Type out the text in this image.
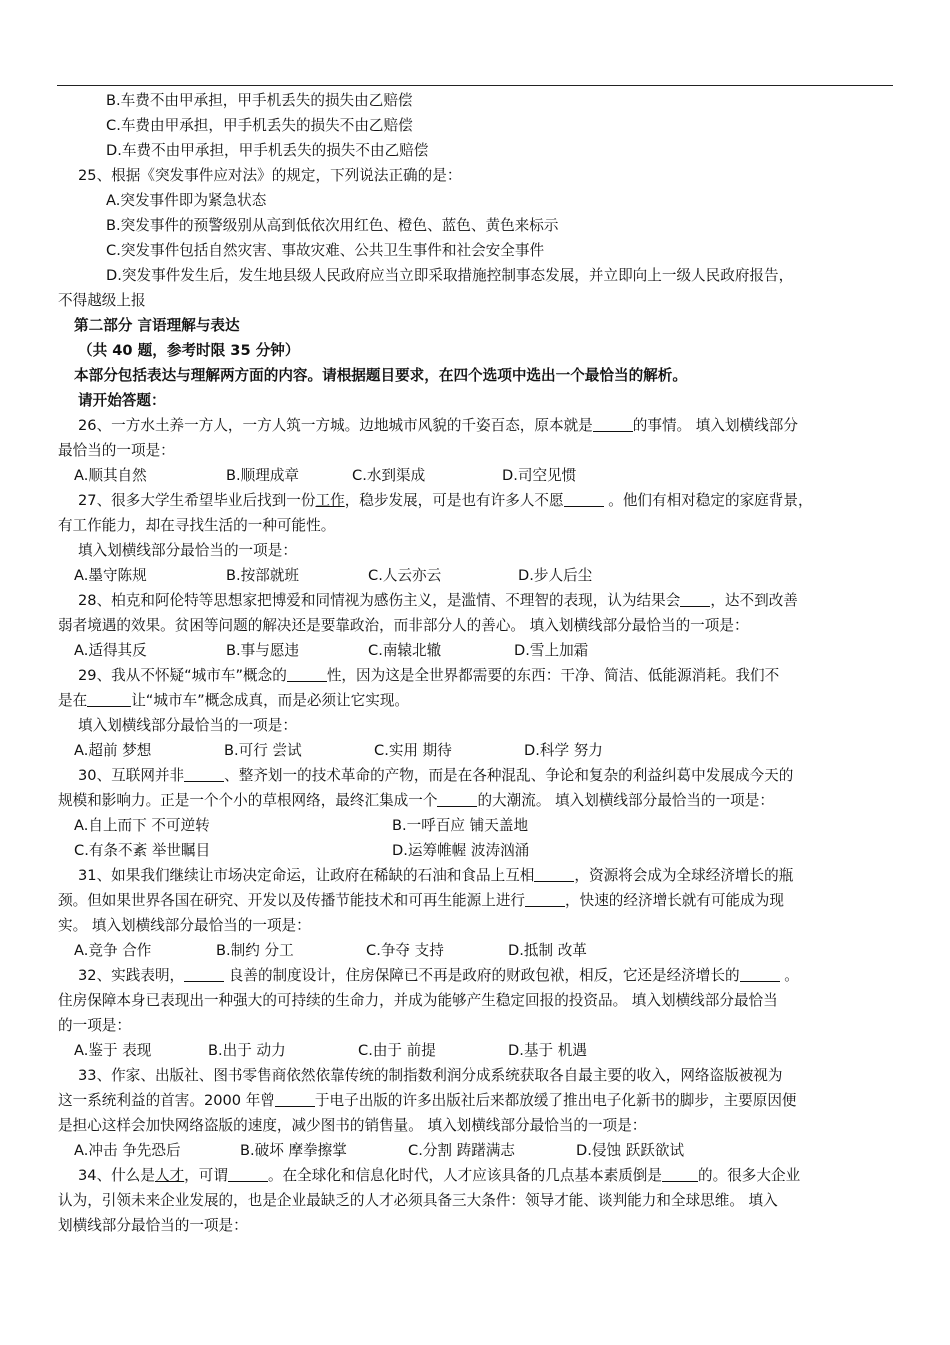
B.车费不由甲承担，甲手机丢失的损失由乙赔偿
C.车费由甲承担，甲手机丢失的损失不由乙赔偿
D.车费不由甲承担，甲手机丢失的损失不由乙赔偿
25、根据《突发事件应对法》的规定，下列说法正确的是：
A.突发事件即为紧急状态
B.突发事件的预警级别从高到低依次用红色、橙色、蓝色、黄色来标示
C.突发事件包括自然灾害、事故灾难、公共卫生事件和社会安全事件
D.突发事件发生后，发生地县级人民政府应当立即采取措施控制事态发展，并立即向上一级人民政府报告，
不得越级上报
第二部分 言语理解与表达
（共 40 题，参考时限 35 分钟）
本部分包括表达与理解两方面的内容。请根据题目要求，在四个选项中选出一个最恰当的解析。
请开始答题：
26、一方水土养一方人，一方人筑一方城。边地城市风貌的千姿百态，原本就是	的事情。 填入划横线部分
最恰当的一项是：
A.顺其自然	B.顺理成章	C.水到渠成	D.司空见惯
27、很多大学生希望毕业后找到一份工作，稳步发展，可是也有许多人不愿	。他们有相对稳定的家庭背景，
有工作能力，却在寻找生活的一种可能性。
填入划横线部分最恰当的一项是：
A.墨守陈规	B.按部就班	C.人云亦云	D.步人后尘
28、柏克和阿伦特等思想家把博爱和同情视为感伤主义，是滥情、不理智的表现，认为结果会 ，达不到改善
弱者境遇的效果。贫困等问题的解决还是要靠政治，而非部分人的善心。 填入划横线部分最恰当的一项是：
A.适得其反	B.事与愿违	C.南辕北辙	D.雪上加霜
29、我从不怀疑“城市车”概念的	性，因为这是全世界都需要的东西：干净、简洁、低能源消耗。我们不
是在	让“城市车”概念成真，而是必须让它实现。
填入划横线部分最恰当的一项是：
A.超前 梦想	B.可行 尝试	C.实用 期待	D.科学 努力
30、互联网并非	、整齐划一的技术革命的产物，而是在各种混乱、争论和复杂的利益纠葛中发展成今天的
规模和影响力。正是一个个小的草根网络，最终汇集成一个	的大潮流。 填入划横线部分最恰当的一项是：
A.自上而下 不可逆转	B.一呼百应 铺天盖地
C.有条不紊 举世瞩目	D.运筹帷幄 波涛汹涌
31、如果我们继续让市场决定命运，让政府在稀缺的石油和食品上互相	，资源将会成为全球经济增长的瓶
颈。但如果世界各国在研究、开发以及传播节能技术和可再生能源上进行	，快速的经济增长就有可能成为现
实。 填入划横线部分最恰当的一项是：
A.竞争 合作	B.制约 分工	C.争夺 支持	D.抵制 改革
32、实践表明，	良善的制度设计，住房保障已不再是政府的财政包袱，相反，它还是经济增长的	。
住房保障本身已表现出一种强大的可持续的生命力，并成为能够产生稳定回报的投资品。 填入划横线部分最恰当
的一项是：
A.鉴于 表现	B.出于 动力	C.由于 前提	D.基于 机遇
33、作家、出版社、图书零售商依然依靠传统的制指数利润分成系统获取各自最主要的收入，网络盗版被视为
这一系统利益的首害。2000 年曾	于电子出版的许多出版社后来都放缓了推出电子化新书的脚步，主要原因便
是担心这样会加快网络盗版的速度，减少图书的销售量。 填入划横线部分最恰当的一项是：
A.冲击 争先恐后	B.破坏 摩拳擦掌	C.分割 踌躇满志	D.侵蚀 跃跃欲试
34、什么是人才，可谓	。在全球化和信息化时代，人才应该具备的几点基本素质倒是 的。很多大企业
认为，引领未来企业发展的，也是企业最缺乏的人才必须具备三大条件：领导才能、谈判能力和全球思维。 填入
划横线部分最恰当的一项是：
